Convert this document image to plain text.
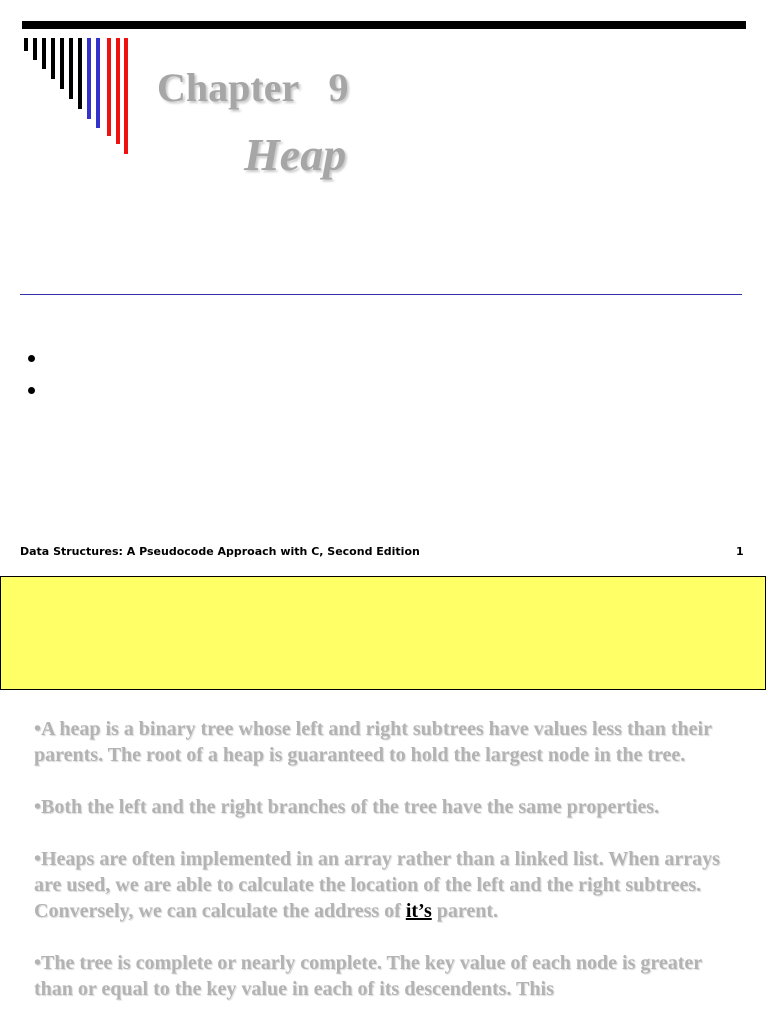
Chapter   9
Heap
Data Structures: A Pseudocode Approach with C, Second Edition	1

•A heap is a binary tree whose left and right subtrees have values less than their parents. The root of a heap is guaranteed to hold the largest node in the tree.

•Both the left and the right branches of the tree have the same properties.

•Heaps are often implemented in an array rather than a linked list. When arrays are used, we are able to calculate the location of the left and the right subtrees. Conversely, we can calculate the address of it’s parent.

•The tree is complete or nearly complete. The key value of each node is greater than or equal to the key value in each of its descendents. This
